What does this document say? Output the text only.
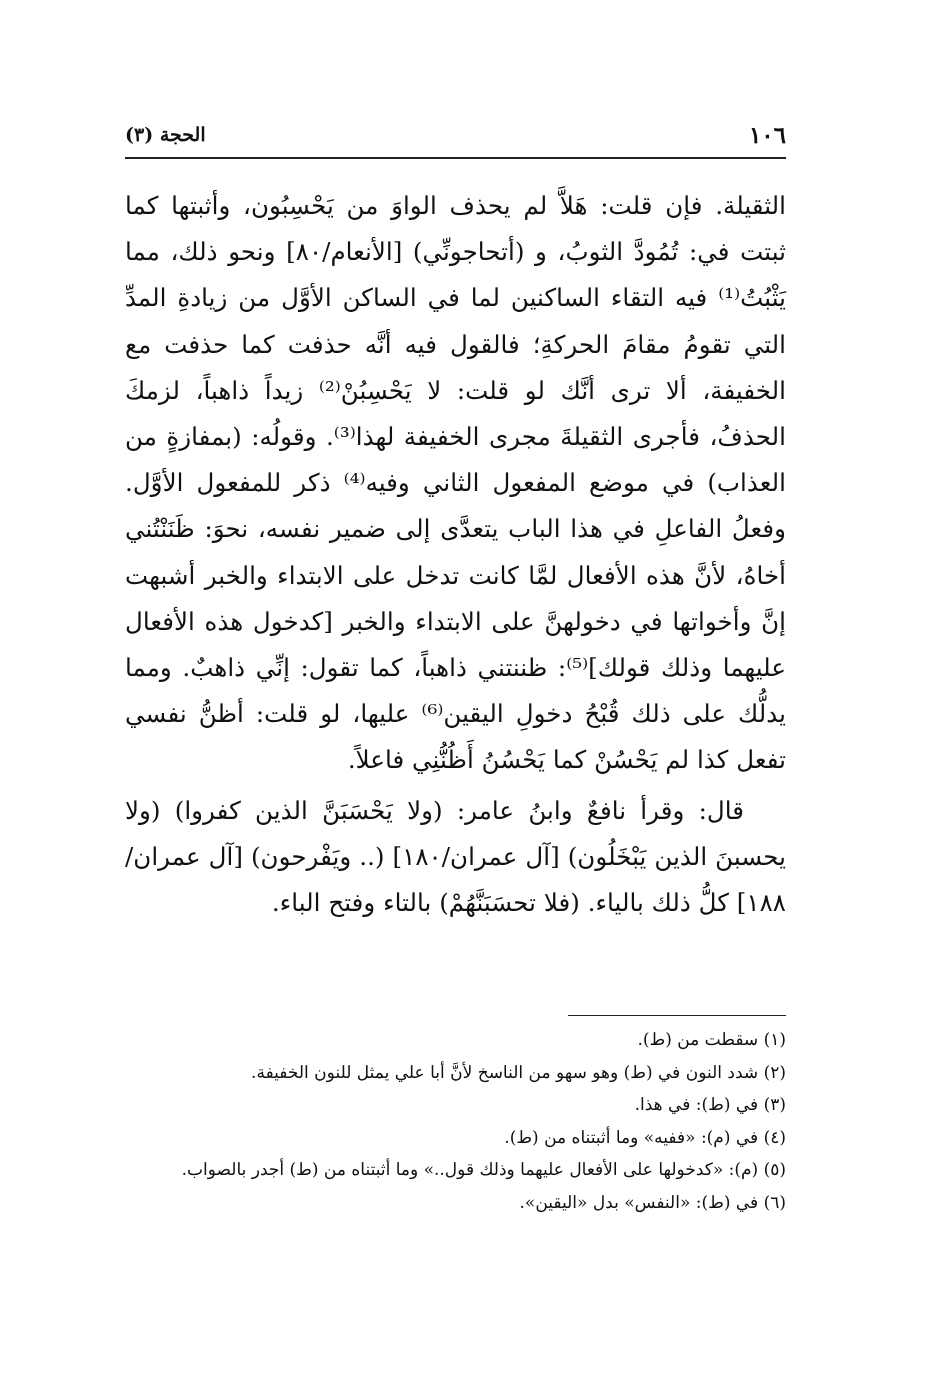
١٠٦
الحجة (٣)

الثقيلة. فإن قلت: هَلاَّ لم يحذف الواوَ من يَحْسِبُون، وأثبتها كما ثبتت في: تُمُودَّ الثوبُ، و (أتحاجونِّي) [الأنعام/٨٠] ونحو ذلك، مما يَثْبُتُ⁽¹⁾ فيه التقاء الساكنين لما في الساكن الأوَّل من زيادةِ المدِّ التي تقومُ مقامَ الحركةِ؛ فالقول فيه أنَّه حذفت كما حذفت مع الخفيفة، ألا ترى أنَّك لو قلت: لا يَحْسِبُنْ⁽²⁾ زيداً ذاهباً، لزمكَ الحذفُ، فأجرى الثقيلةَ مجرى الخفيفة لهذا⁽³⁾. وقولُه: (بمفازةٍ من العذاب) في موضع المفعول الثاني وفيه⁽⁴⁾ ذكر للمفعول الأوَّل. وفعلُ الفاعلِ في هذا الباب يتعدَّى إلى ضمير نفسه، نحوَ: ظَنَنْتُني أخاهُ، لأنَّ هذه الأفعال لمَّا كانت تدخل على الابتداء والخبر أشبهت إنَّ وأخواتها في دخولهنَّ على الابتداء والخبر [كدخول هذه الأفعال عليهما وذلك قولك]⁽⁵⁾: ظننتني ذاهباً، كما تقول: إنِّي ذاهبٌ. ومما يدلُّك على ذلك قُبْحُ دخولِ اليقين⁽⁶⁾ عليها، لو قلت: أظنُّ نفسي تفعل كذا لم يَحْسُنْ كما يَحْسُنُ أَظُنُّنِي فاعلاً.

قال: وقرأ نافعٌ وابنُ عامر: (ولا يَحْسَبَنَّ الذين كفروا) (ولا يحسبنَ الذين يَبْخَلُون) [آل عمران/١٨٠] (.. ويَفْرحون) [آل عمران/١٨٨] كلُّ ذلك بالياء. (فلا تحسَبَنَّهُمْ) بالتاء وفتح الباء.

(١) سقطت من (ط).

(٢) شدد النون في (ط) وهو سهو من الناسخ لأنَّ أبا علي يمثل للنون الخفيفة.

(٣) في (ط): في هذا.

(٤) في (م): «ففيه» وما أثبتناه من (ط).

(٥) (م): «كدخولها على الأفعال عليهما وذلك قول..» وما أثبتناه من (ط) أجدر بالصواب.

(٦) في (ط): «النفس» بدل «اليقين».
